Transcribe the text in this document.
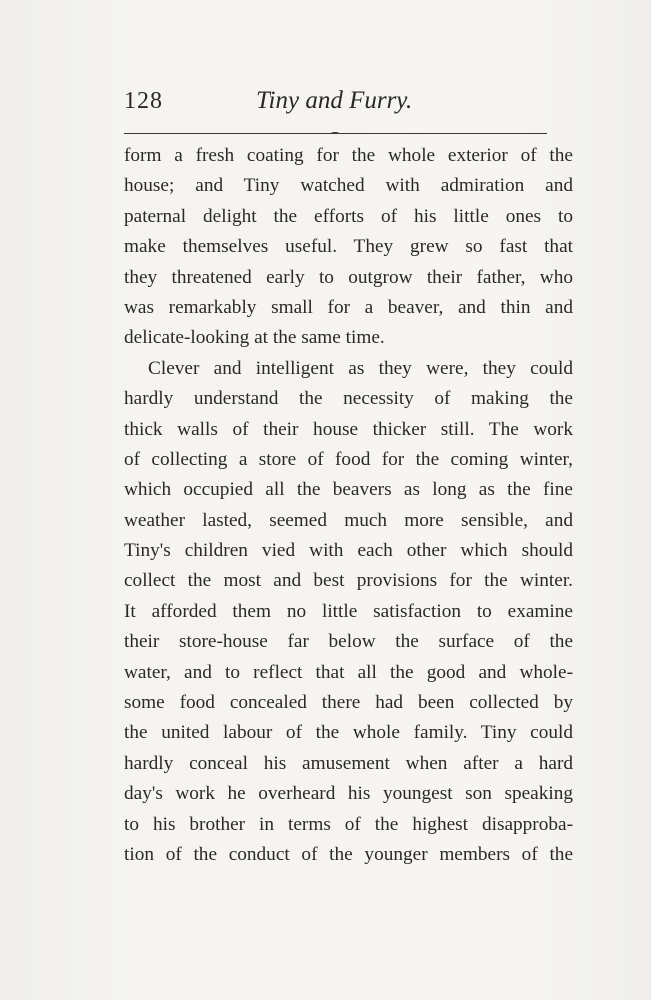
128	Tiny and Furry.
form a fresh coating for the whole exterior of the
house; and Tiny watched with admiration and
paternal delight the efforts of his little ones to
make themselves useful. They grew so fast that
they threatened early to outgrow their father, who
was remarkably small for a beaver, and thin and
delicate-looking at the same time.
Clever and intelligent as they were, they could
hardly understand the necessity of making the
thick walls of their house thicker still. The work
of collecting a store of food for the coming winter,
which occupied all the beavers as long as the fine
weather lasted, seemed much more sensible, and
Tiny's children vied with each other which should
collect the most and best provisions for the winter.
It afforded them no little satisfaction to examine
their store-house far below the surface of the
water, and to reflect that all the good and whole-
some food concealed there had been collected by
the united labour of the whole family. Tiny could
hardly conceal his amusement when after a hard
day's work he overheard his youngest son speaking
to his brother in terms of the highest disapproba-
tion of the conduct of the younger members of the
